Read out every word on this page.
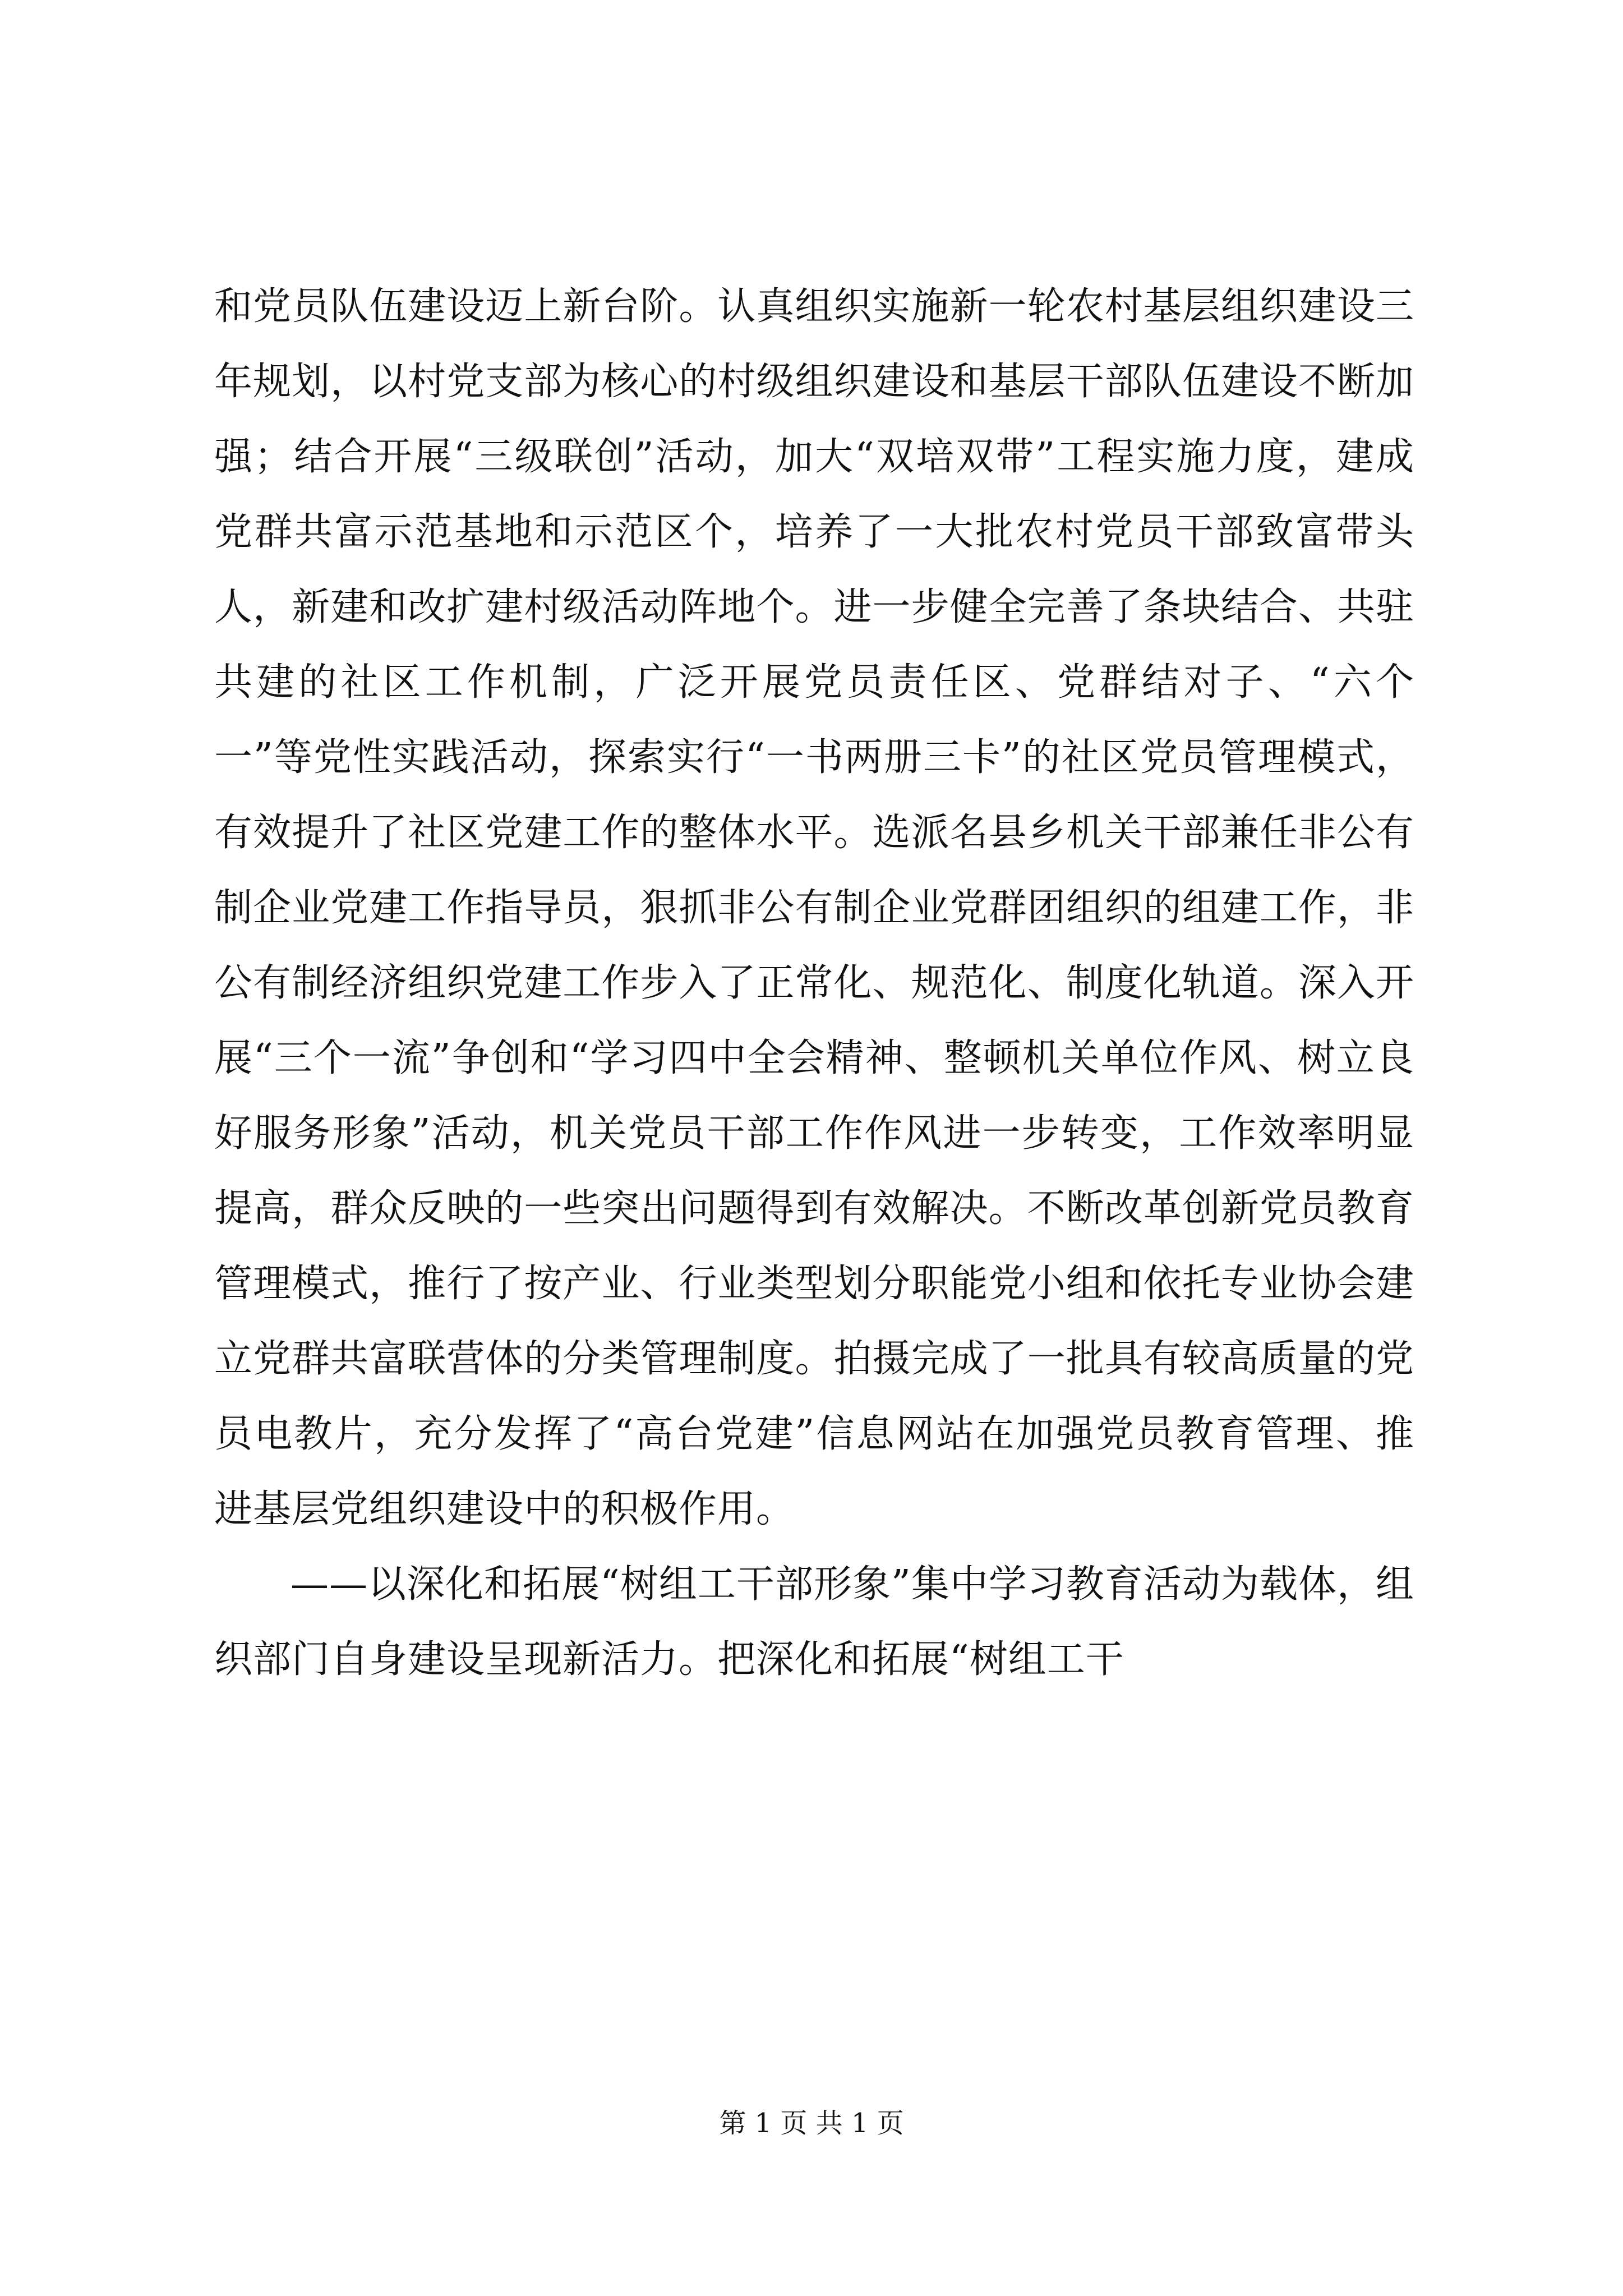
和党员队伍建设迈上新台阶。认真组织实施新一轮农村基层组织建设三年规划，以村党支部为核心的村级组织建设和基层干部队伍建设不断加强；结合开展“三级联创”活动，加大“双培双带”工程实施力度，建成党群共富示范基地和示范区个，培养了一大批农村党员干部致富带头人，新建和改扩建村级活动阵地个。进一步健全完善了条块结合、共驻共建的社区工作机制，广泛开展党员责任区、党群结对子、“六个一”等党性实践活动，探索实行“一书两册三卡”的社区党员管理模式，有效提升了社区党建工作的整体水平。选派名县乡机关干部兼任非公有制企业党建工作指导员，狠抓非公有制企业党群团组织的组建工作，非公有制经济组织党建工作步入了正常化、规范化、制度化轨道。深入开展“三个一流”争创和“学习四中全会精神、整顿机关单位作风、树立良好服务形象”活动，机关党员干部工作作风进一步转变，工作效率明显提高，群众反映的一些突出问题得到有效解决。不断改革创新党员教育管理模式，推行了按产业、行业类型划分职能党小组和依托专业协会建立党群共富联营体的分类管理制度。拍摄完成了一批具有较高质量的党员电教片，充分发挥了“高台党建”信息网站在加强党员教育管理、推进基层党组织建设中的积极作用。

——以深化和拓展“树组工干部形象”集中学习教育活动为载体，组织部门自身建设呈现新活力。把深化和拓展“树组工干

第 1 页 共 1 页
